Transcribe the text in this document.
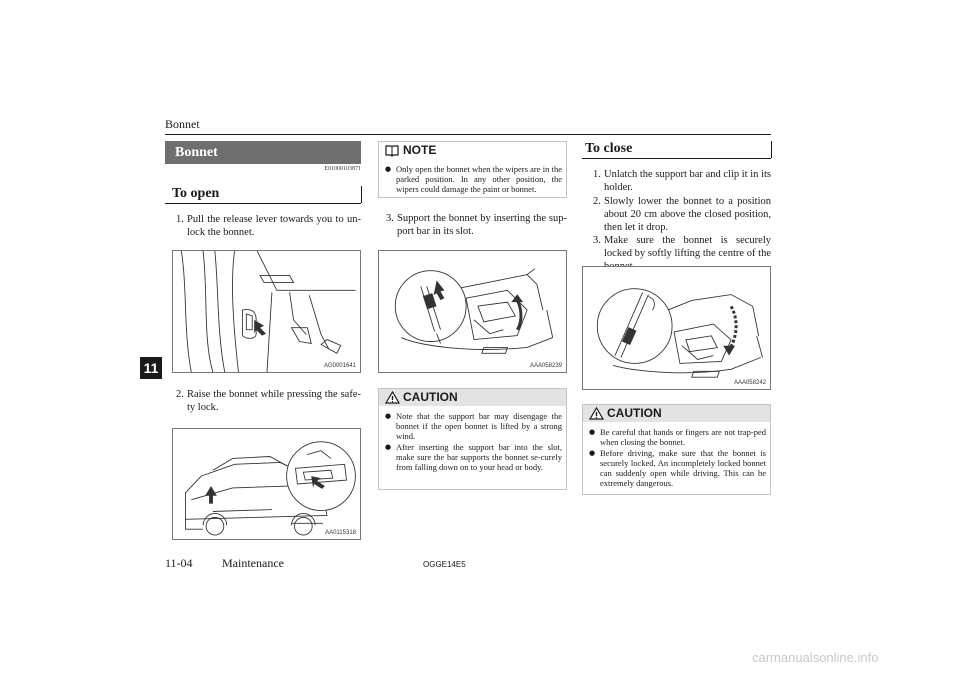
Bonnet
11
Bonnet
E01000103871
To open
1. Pull the release lever towards you to un-lock the bonnet.
AG0001641
2. Raise the bonnet while pressing the safe-ty lock.
AA0115318
NOTE
● Only open the bonnet when the wipers are in the parked position. In any other position, the wipers could damage the paint or bonnet.
3. Support the bonnet by inserting the sup-port bar in its slot.
AAA058239
CAUTION
● Note that the support bar may disengage the bonnet if the open bonnet is lifted by a strong wind.
● After inserting the support bar into the slot, make sure the bar supports the bonnet se-curely from falling down on to your head or body.
To close
1. Unlatch the support bar and clip it in its holder.
2. Slowly lower the bonnet to a position about 20 cm above the closed position, then let it drop.
3. Make sure the bonnet is securely locked by softly lifting the centre of the
AAA058242
CAUTION
● Be careful that hands or fingers are not trap-ped when closing the bonnet.
● Before driving, make sure that the bonnet is securely locked. An incompletely locked bonnet can suddenly open while driving. This can be extremely dangerous.
11-04 Maintenance	OGGE14E5
carmanualsonline.info
